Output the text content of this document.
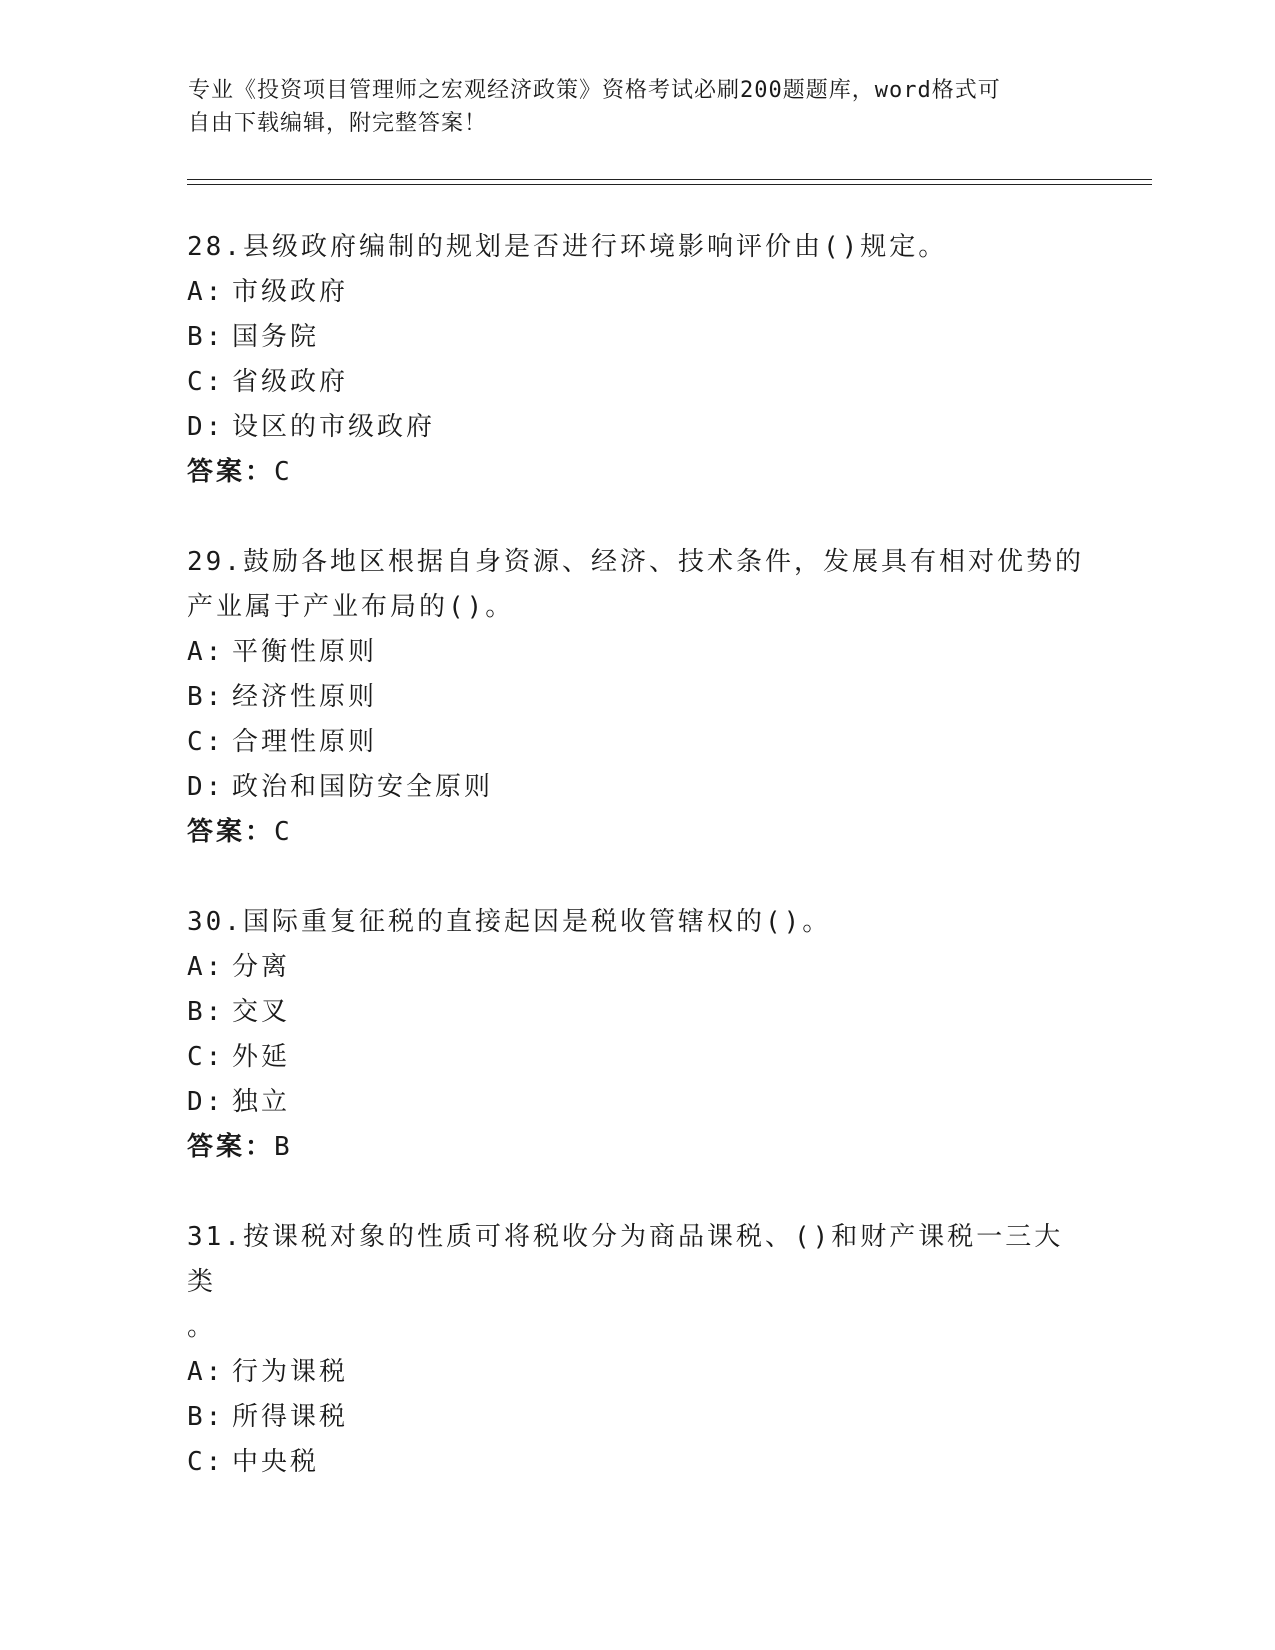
专业《投资项目管理师之宏观经济政策》资格考试必刷200题题库，word格式可
自由下载编辑，附完整答案！

28.县级政府编制的规划是否进行环境影响评价由()规定。

A: 市级政府

B: 国务院

C: 省级政府

D: 设区的市级政府

答案：C

29.鼓励各地区根据自身资源、经济、技术条件，发展具有相对优势的

产业属于产业布局的()。

A: 平衡性原则

B: 经济性原则

C: 合理性原则

D: 政治和国防安全原则

答案：C

30.国际重复征税的直接起因是税收管辖权的()。

A: 分离

B: 交叉

C: 外延

D: 独立

答案：B

31.按课税对象的性质可将税收分为商品课税、()和财产课税一三大类

。

A: 行为课税

B: 所得课税

C: 中央税
